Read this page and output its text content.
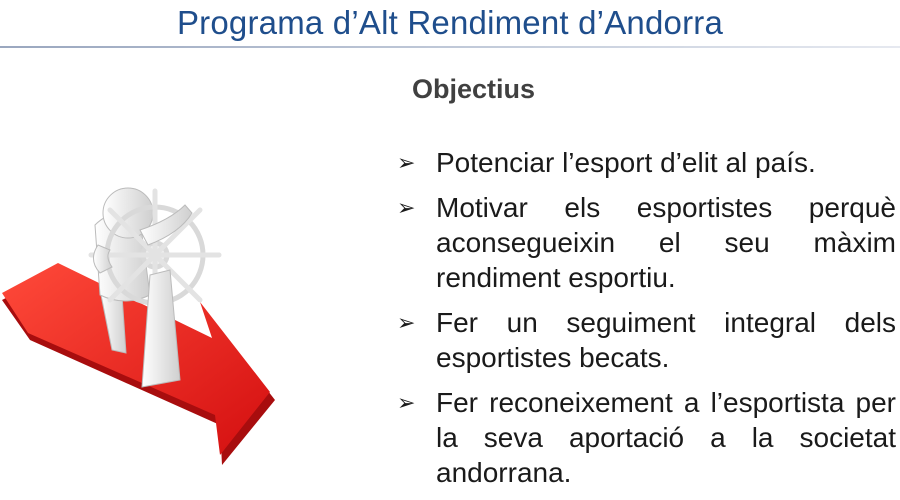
Programa d’Alt Rendiment d’Andorra
Objectius
➢ Potenciar l’esport d’elit al país.
➢ Motivar els esportistes perquè aconsegueixin el seu màxim rendiment esportiu.
➢ Fer un seguiment integral dels esportistes becats.
➢ Fer reconeixement a l’esportista per la seva aportació a la societat andorrana.
